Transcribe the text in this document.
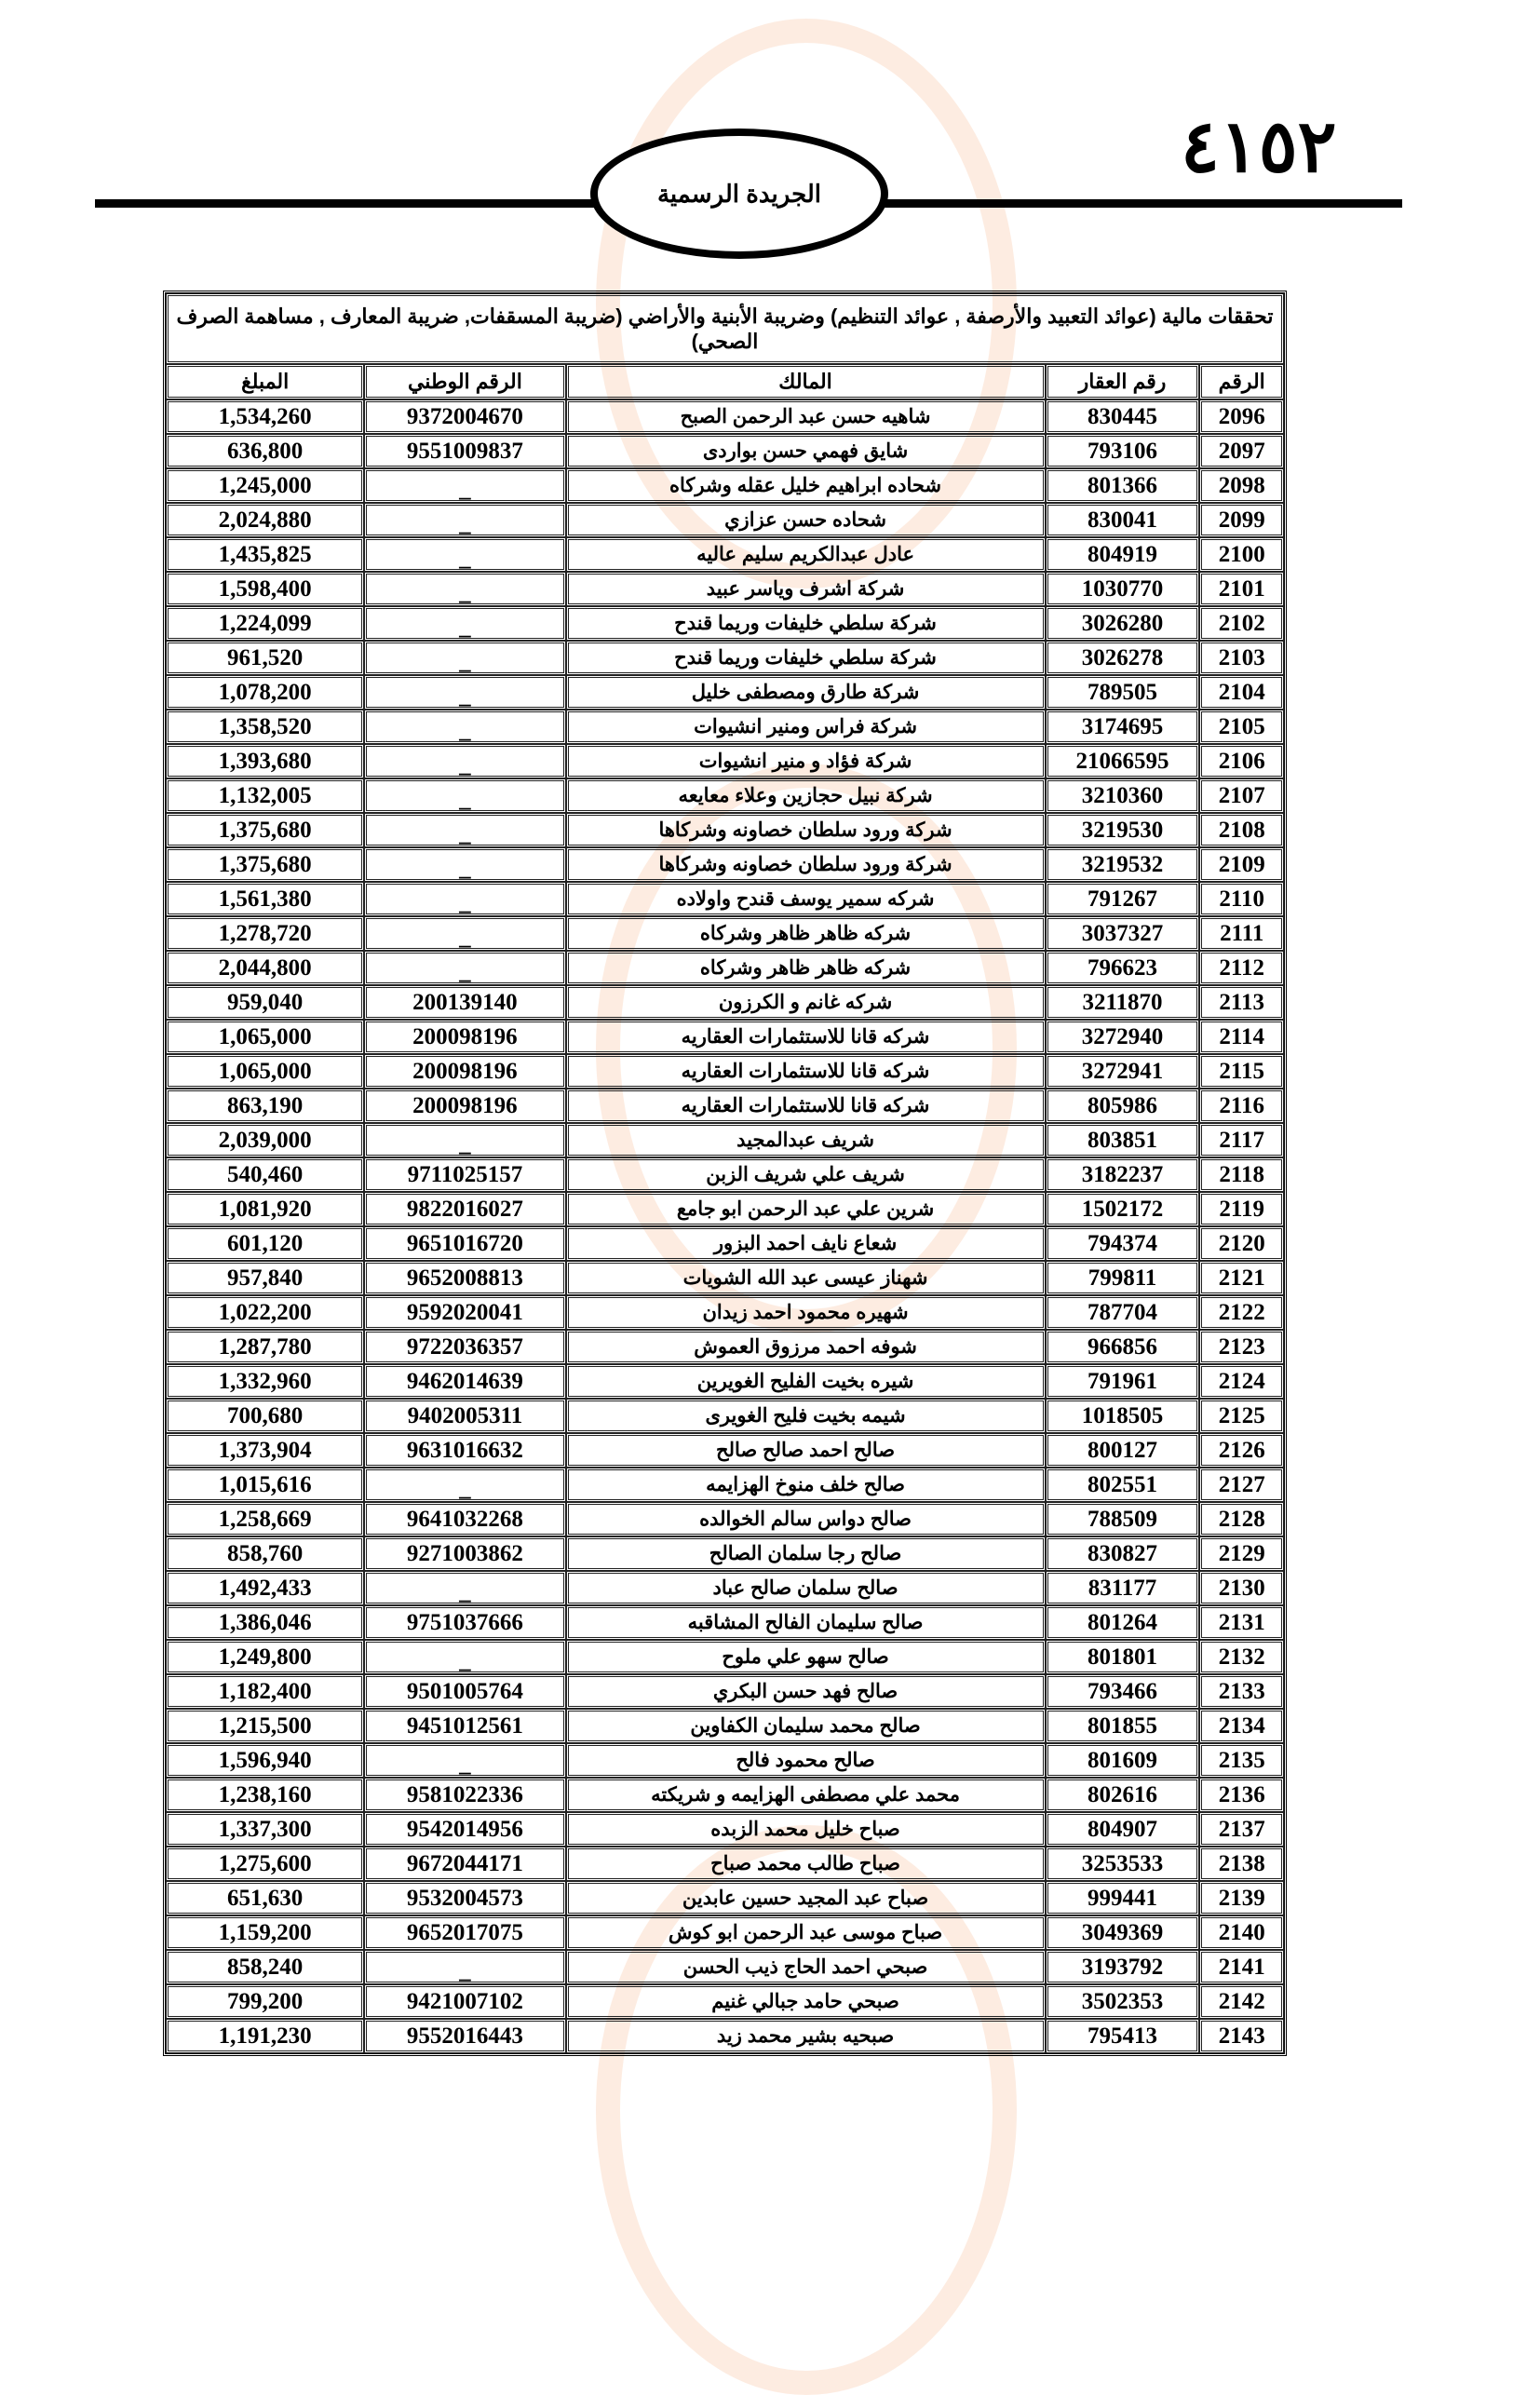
٤١٥٢
الجريدة الرسمية
تحققات مالية (عوائد التعبيد والأرصفة , عوائد التنظيم) وضريبة الأبنية والأراضي (ضريبة المسقفات, ضريبة المعارف , مساهمة الصرف الصحي)				
الرقم	رقم العقار	المالك	الرقم الوطني	المبلغ
2096	830445	شاهيه حسن عبد الرحمن الصبح	9372004670	1,534,260
2097	793106	شايق فهمي حسن بواردى	9551009837	636,800
2098	801366	شحاده ابراهيم خليل عقله وشركاه	_	1,245,000
2099	830041	شحاده حسن عزازي	_	2,024,880
2100	804919	عادل عبدالكريم سليم عاليه	_	1,435,825
2101	1030770	شركة اشرف وياسر عبيد	_	1,598,400
2102	3026280	شركة سلطي خليفات وريما قندح	_	1,224,099
2103	3026278	شركة سلطي خليفات وريما قندح	_	961,520
2104	789505	شركة طارق ومصطفى خليل	_	1,078,200
2105	3174695	شركة فراس ومنير انشيوات	_	1,358,520
2106	21066595	شركة فؤاد و منير انشيوات	_	1,393,680
2107	3210360	شركة نبيل حجازين وعلاء معايعه	_	1,132,005
2108	3219530	شركة ورود سلطان خصاونه وشركاها	_	1,375,680
2109	3219532	شركة ورود سلطان خصاونه وشركاها	_	1,375,680
2110	791267	شركه سمير يوسف قندح واولاده	_	1,561,380
2111	3037327	شركه ظاهر ظاهر وشركاه	_	1,278,720
2112	796623	شركه ظاهر ظاهر وشركاه	_	2,044,800
2113	3211870	شركه غانم و الكرزون	200139140	959,040
2114	3272940	شركه قانا للاستثمارات العقاريه	200098196	1,065,000
2115	3272941	شركه قانا للاستثمارات العقاريه	200098196	1,065,000
2116	805986	شركه قانا للاستثمارات العقاريه	200098196	863,190
2117	803851	شريف عبدالمجيد	_	2,039,000
2118	3182237	شريف علي شريف الزبن	9711025157	540,460
2119	1502172	شرين علي عبد الرحمن ابو جامع	9822016027	1,081,920
2120	794374	شعاع نايف احمد البزور	9651016720	601,120
2121	799811	شهناز عيسى عبد الله الشويات	9652008813	957,840
2122	787704	شهيره محمود احمد زيدان	9592020041	1,022,200
2123	966856	شوفه احمد مرزوق العموش	9722036357	1,287,780
2124	791961	شيره بخيت الفليح الغويرين	9462014639	1,332,960
2125	1018505	شيمه بخيت فليح الغويرى	9402005311	700,680
2126	800127	صالح احمد صالح صالح	9631016632	1,373,904
2127	802551	صالح خلف منوخ الهزايمه	_	1,015,616
2128	788509	صالح دواس سالم الخوالده	9641032268	1,258,669
2129	830827	صالح رجا سلمان الصالح	9271003862	858,760
2130	831177	صالح سلمان صالح عباد	_	1,492,433
2131	801264	صالح سليمان الفالح المشاقبه	9751037666	1,386,046
2132	801801	صالح سهو علي ملوح	_	1,249,800
2133	793466	صالح فهد حسن البكري	9501005764	1,182,400
2134	801855	صالح محمد سليمان الكفاوين	9451012561	1,215,500
2135	801609	صالح محمود فالح	_	1,596,940
2136	802616	محمد علي مصطفى الهزايمه و شريكته	9581022336	1,238,160
2137	804907	صباح خليل محمد الزبده	9542014956	1,337,300
2138	3253533	صباح طالب محمد صباح	9672044171	1,275,600
2139	999441	صباح عبد المجيد حسين عابدين	9532004573	651,630
2140	3049369	صباح موسى عبد الرحمن ابو كوش	9652017075	1,159,200
2141	3193792	صبحي احمد الحاج ذيب الحسن	_	858,240
2142	3502353	صبحي حامد جبالي غنيم	9421007102	799,200
2143	795413	صبحيه بشير محمد زيد	9552016443	1,191,230
